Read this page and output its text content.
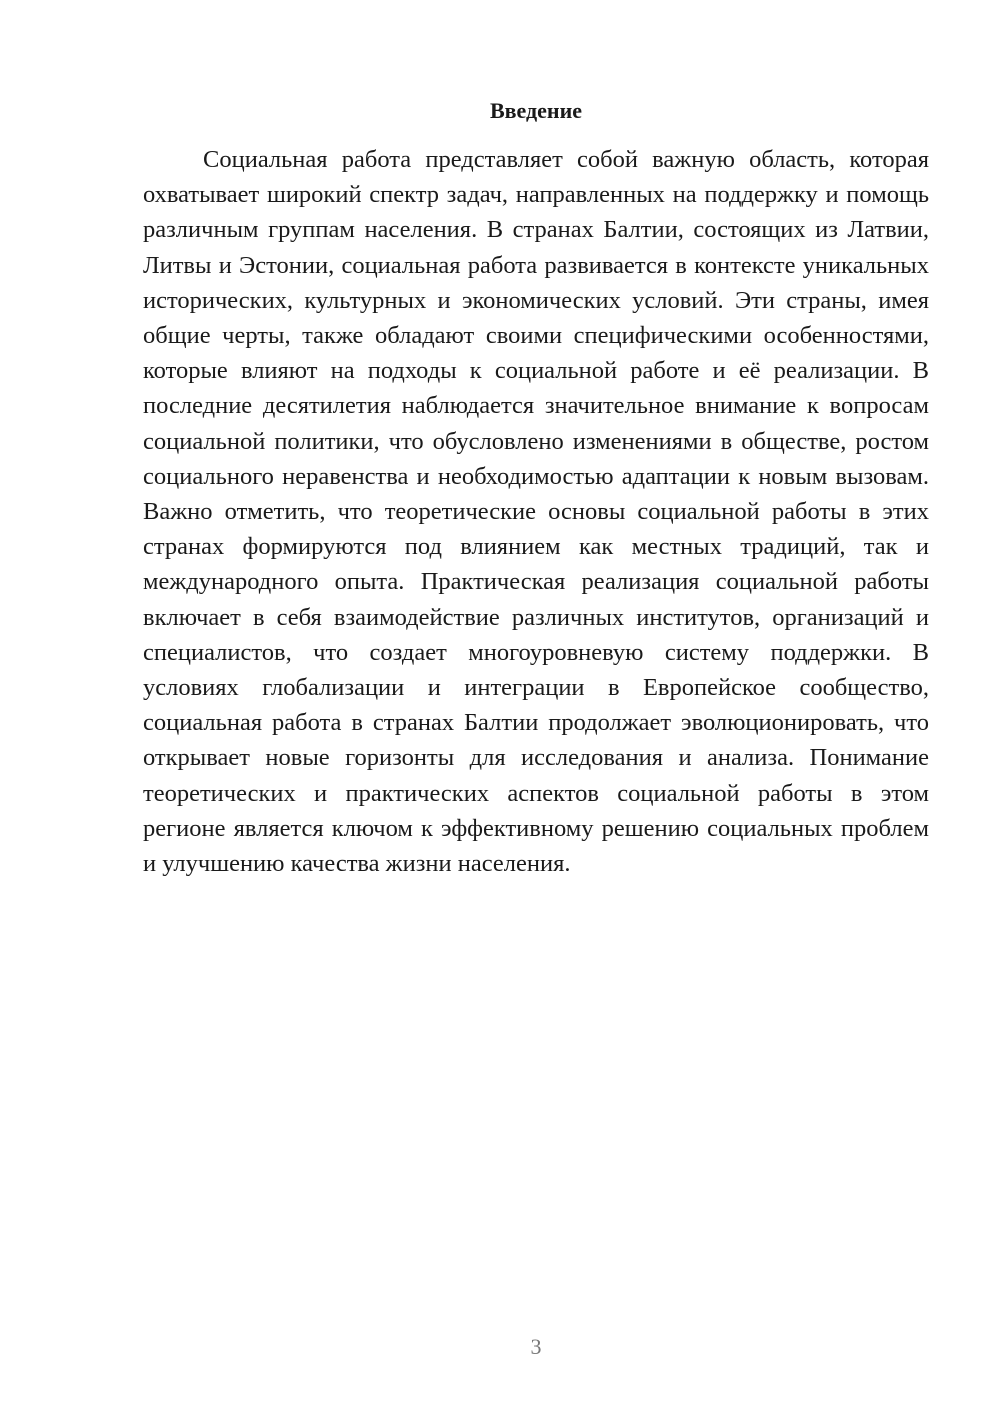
Введение

Социальная работа представляет собой важную область, которая охватывает широкий спектр задач, направленных на поддержку и помощь различным группам населения. В странах Балтии, состоящих из Латвии, Литвы и Эстонии, социальная работа развивается в контексте уникальных исторических, культурных и экономических условий. Эти страны, имея общие черты, также обладают своими специфическими особенностями, которые влияют на подходы к социальной работе и её реализации. В последние десятилетия наблюдается значительное внимание к вопросам социальной политики, что обусловлено изменениями в обществе, ростом социального неравенства и необходимостью адаптации к новым вызовам. Важно отметить, что теоретические основы социальной работы в этих странах формируются под влиянием как местных традиций, так и международного опыта. Практическая реализация социальной работы включает в себя взаимодействие различных институтов, организаций и специалистов, что создает многоуровневую систему поддержки. В условиях глобализации и интеграции в Европейское сообщество, социальная работа в странах Балтии продолжает эволюционировать, что открывает новые горизонты для исследования и анализа. Понимание теоретических и практических аспектов социальной работы в этом регионе является ключом к эффективному решению социальных проблем и улучшению качества жизни населения.

3
